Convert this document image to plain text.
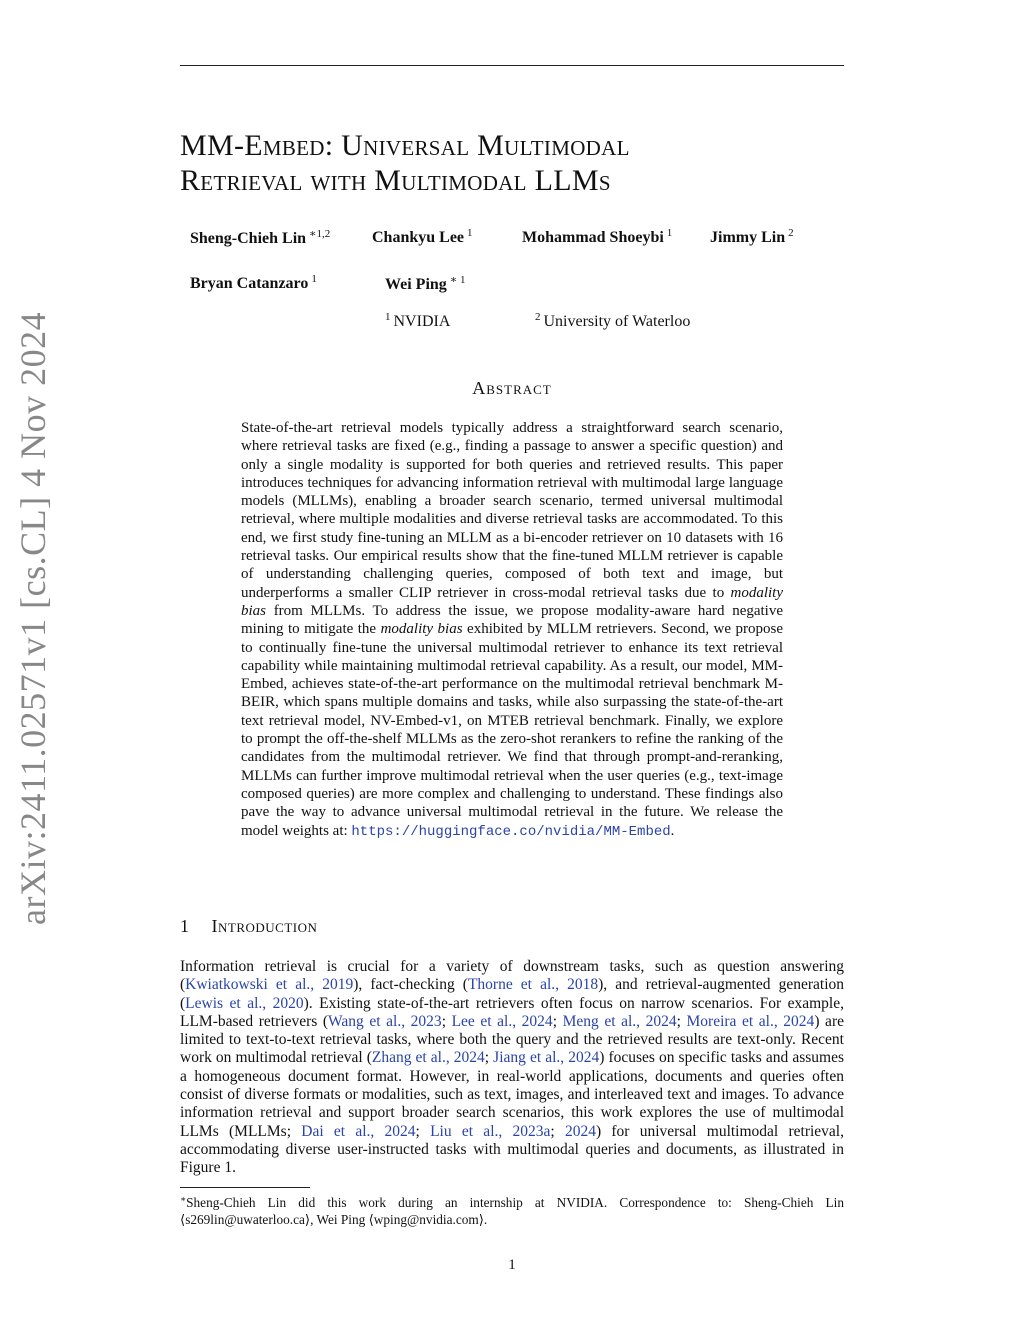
arXiv:2411.02571v1 [cs.CL] 4 Nov 2024
MM-Embed: Universal Multimodal
Retrieval with Multimodal LLMs
Sheng-Chieh Lin $^{∗1,2}$	Chankyu Lee $^1$	Mohammad Shoeybi $^1$ Jimmy Lin $^2$
Bryan Catanzaro $^1$	Wei Ping $^{∗ 1}$
$^1$ NVIDIA	$^2$ University of Waterloo
Abstract
State-of-the-art retrieval models typically address a straightforward search scenario, where retrieval tasks are fixed (e.g., finding a passage to answer a specific question) and only a single modality is supported for both queries and retrieved results. This paper introduces techniques for advancing information retrieval with multimodal large language models (MLLMs), enabling a broader search scenario, termed universal multimodal retrieval, where multiple modalities and diverse retrieval tasks are accommodated. To this end, we first study fine-tuning an MLLM as a bi-encoder retriever on 10 datasets with 16 retrieval tasks. Our empirical results show that the fine-tuned MLLM retriever is capable of understanding challenging queries, composed of both text and image, but underperforms a smaller CLIP retriever in cross-modal retrieval tasks due to modality bias from MLLMs. To address the issue, we propose modality-aware hard negative mining to mitigate the modality bias exhibited by MLLM retrievers. Second, we propose to continually fine-tune the universal multimodal retriever to enhance its text retrieval capability while maintaining multimodal retrieval capability. As a result, our model, MM-Embed, achieves state-of-the-art performance on the multimodal retrieval benchmark M-BEIR, which spans multiple domains and tasks, while also surpassing the state-of-the-art text retrieval model, NV-Embed-v1, on MTEB retrieval benchmark. Finally, we explore to prompt the off-the-shelf MLLMs as the zero-shot rerankers to refine the ranking of the candidates from the multimodal retriever. We find that through prompt-and-reranking, MLLMs can further improve multimodal retrieval when the user queries (e.g., text-image composed queries) are more complex and challenging to understand. These findings also pave the way to advance universal multimodal retrieval in the future. We release the model weights at: https://huggingface.co/nvidia/MM-Embed.
1 Introduction
Information retrieval is crucial for a variety of downstream tasks, such as question answering (Kwiatkowski et al., 2019), fact-checking (Thorne et al., 2018), and retrieval-augmented generation (Lewis et al., 2020). Existing state-of-the-art retrievers often focus on narrow scenarios. For example, LLM-based retrievers (Wang et al., 2023; Lee et al., 2024; Meng et al., 2024; Moreira et al., 2024) are limited to text-to-text retrieval tasks, where both the query and the retrieved results are text-only. Recent work on multimodal retrieval (Zhang et al., 2024; Jiang et al., 2024) focuses on specific tasks and assumes a homogeneous document format. However, in real-world applications, documents and queries often consist of diverse formats or modalities, such as text, images, and interleaved text and images. To advance information retrieval and support broader search scenarios, this work explores the use of multimodal LLMs (MLLMs; Dai et al., 2024; Liu et al., 2023a; 2024) for universal multimodal retrieval, accommodating diverse user-instructed tasks with multimodal queries and documents, as illustrated in Figure 1.
∗Sheng-Chieh Lin did this work during an internship at NVIDIA. Correspondence to: Sheng-Chieh Lin ⟨s269lin@uwaterloo.ca⟩, Wei Ping ⟨wping@nvidia.com⟩.
1
